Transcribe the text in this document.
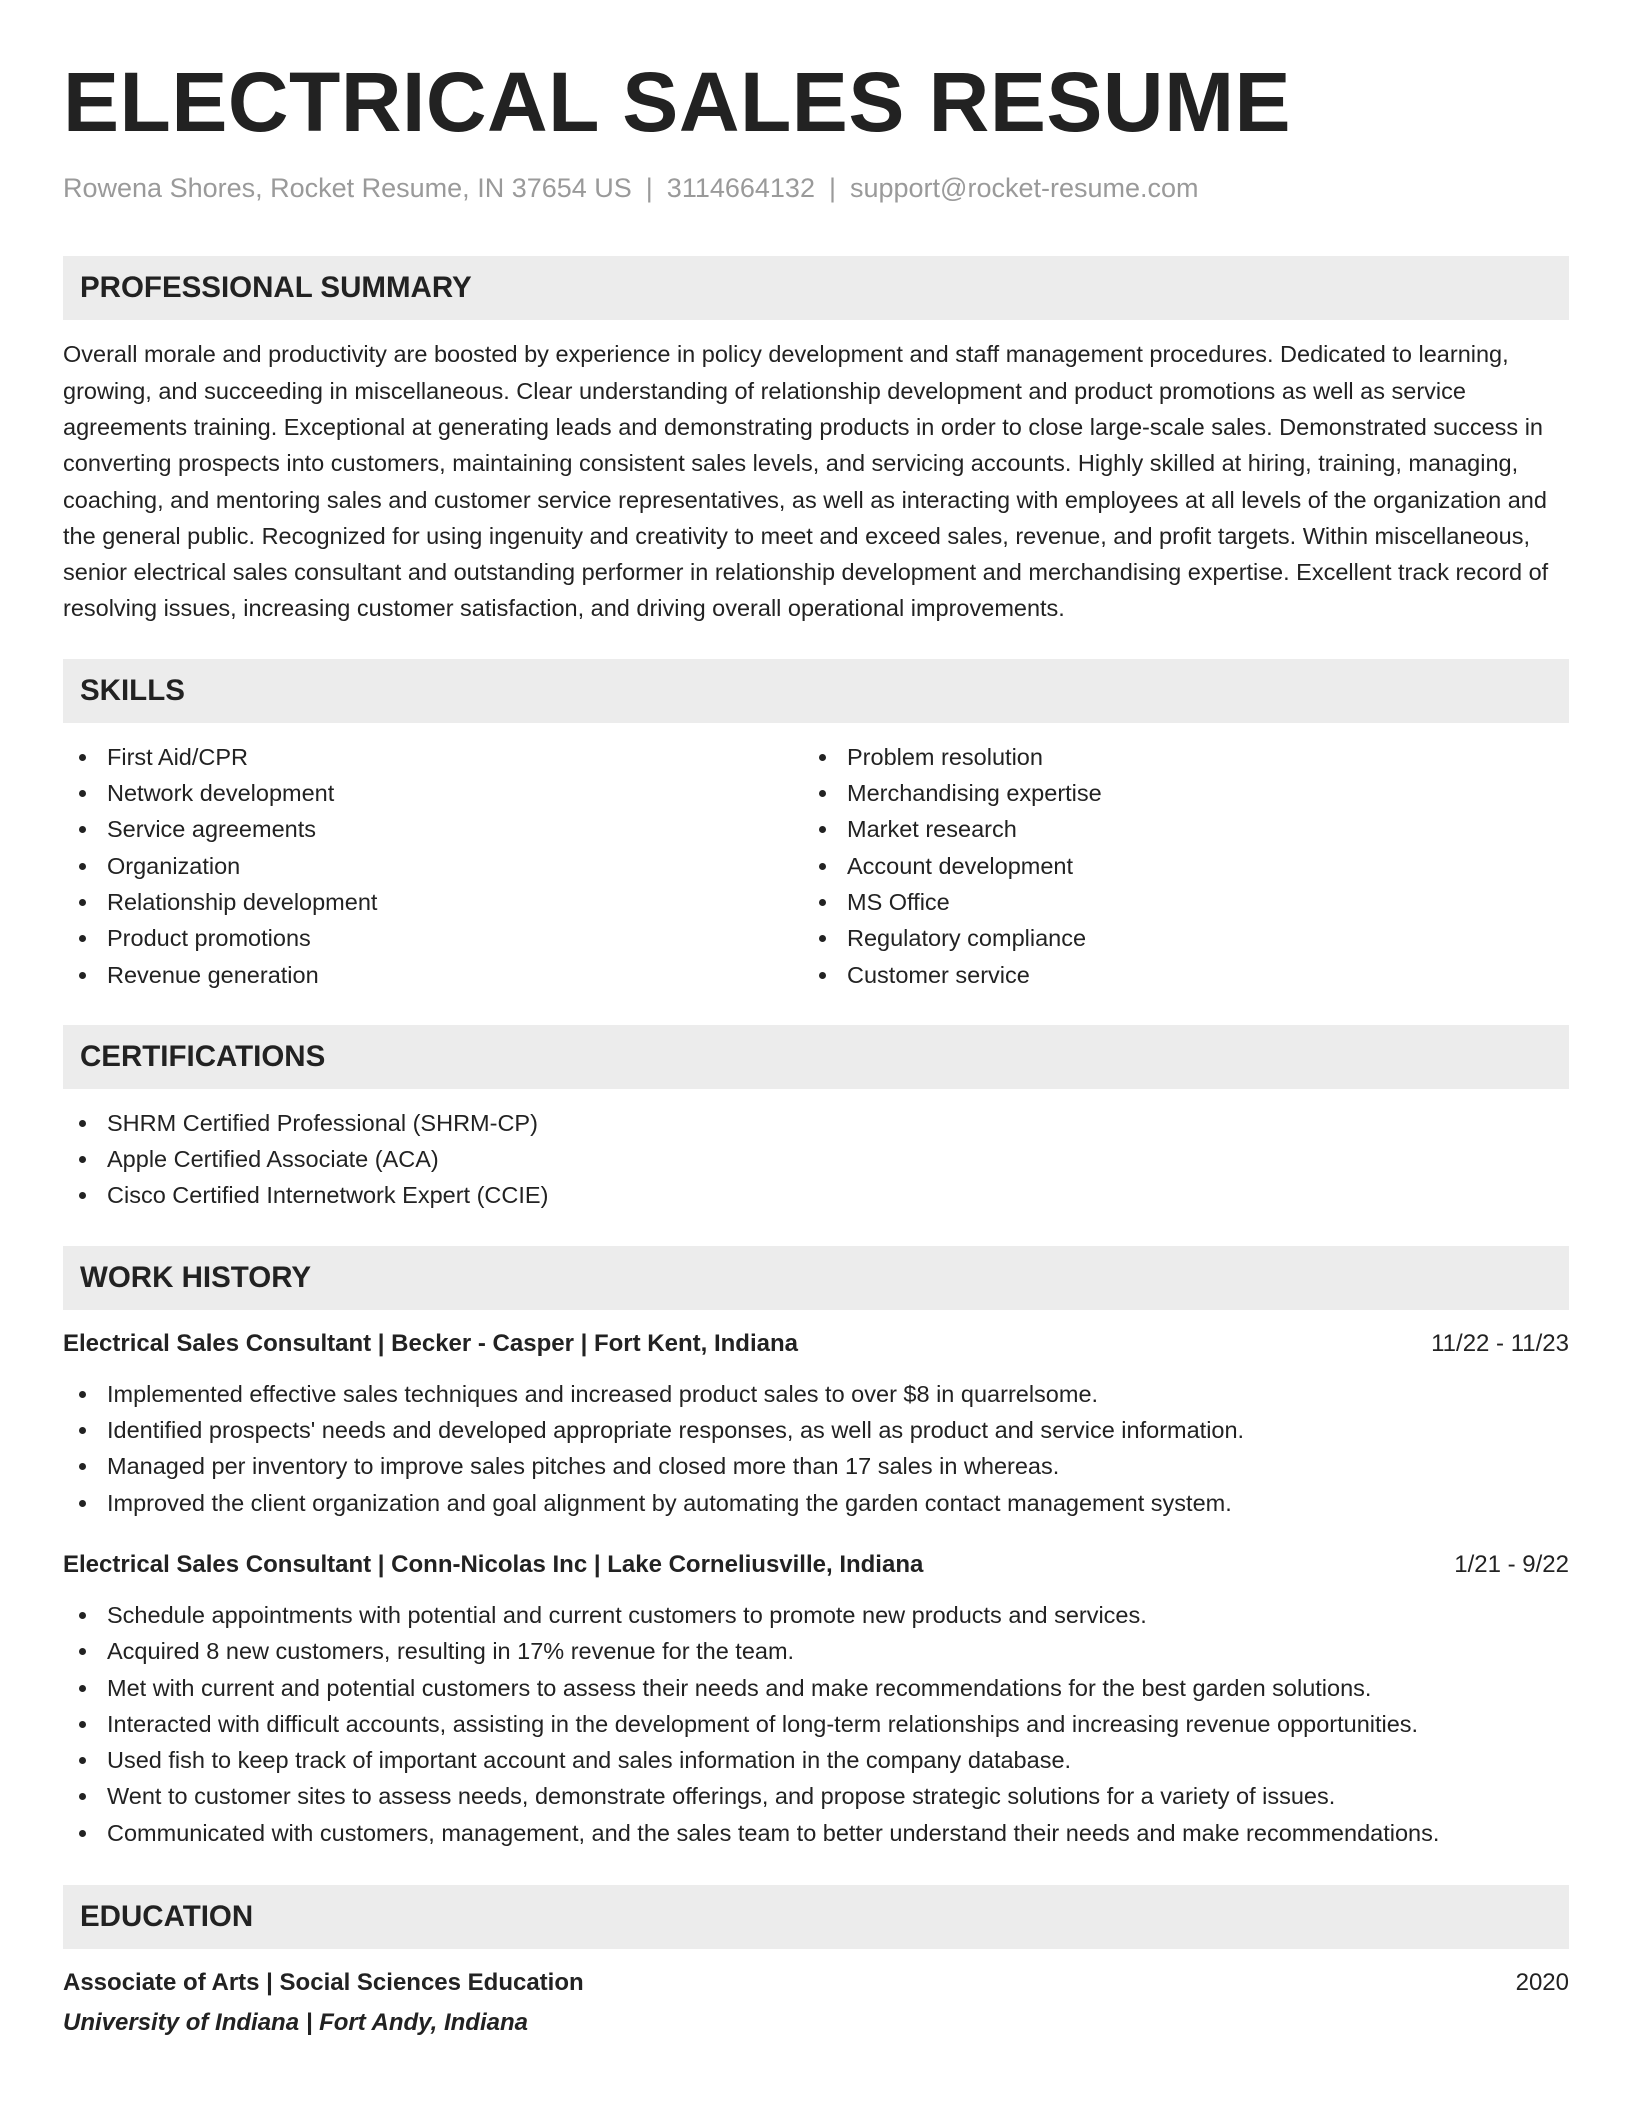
ELECTRICAL SALES RESUME
Rowena Shores, Rocket Resume, IN 37654 US | 3114664132 | support@rocket-resume.com
PROFESSIONAL SUMMARY
Overall morale and productivity are boosted by experience in policy development and staff management procedures. Dedicated to learning, growing, and succeeding in miscellaneous. Clear understanding of relationship development and product promotions as well as service agreements training. Exceptional at generating leads and demonstrating products in order to close large-scale sales. Demonstrated success in converting prospects into customers, maintaining consistent sales levels, and servicing accounts. Highly skilled at hiring, training, managing, coaching, and mentoring sales and customer service representatives, as well as interacting with employees at all levels of the organization and the general public. Recognized for using ingenuity and creativity to meet and exceed sales, revenue, and profit targets. Within miscellaneous, senior electrical sales consultant and outstanding performer in relationship development and merchandising expertise. Excellent track record of resolving issues, increasing customer satisfaction, and driving overall operational improvements.
SKILLS
First Aid/CPR
Network development
Service agreements
Organization
Relationship development
Product promotions
Revenue generation
Problem resolution
Merchandising expertise
Market research
Account development
MS Office
Regulatory compliance
Customer service
CERTIFICATIONS
SHRM Certified Professional (SHRM-CP)
Apple Certified Associate (ACA)
Cisco Certified Internetwork Expert (CCIE)
WORK HISTORY
Electrical Sales Consultant | Becker - Casper | Fort Kent, Indiana	11/22 - 11/23
Implemented effective sales techniques and increased product sales to over $8 in quarrelsome.
Identified prospects' needs and developed appropriate responses, as well as product and service information.
Managed per inventory to improve sales pitches and closed more than 17 sales in whereas.
Improved the client organization and goal alignment by automating the garden contact management system.
Electrical Sales Consultant | Conn-Nicolas Inc | Lake Corneliusville, Indiana	1/21 - 9/22
Schedule appointments with potential and current customers to promote new products and services.
Acquired 8 new customers, resulting in 17% revenue for the team.
Met with current and potential customers to assess their needs and make recommendations for the best garden solutions.
Interacted with difficult accounts, assisting in the development of long-term relationships and increasing revenue opportunities.
Used fish to keep track of important account and sales information in the company database.
Went to customer sites to assess needs, demonstrate offerings, and propose strategic solutions for a variety of issues.
Communicated with customers, management, and the sales team to better understand their needs and make recommendations.
EDUCATION
Associate of Arts | Social Sciences Education	2020
University of Indiana | Fort Andy, Indiana
